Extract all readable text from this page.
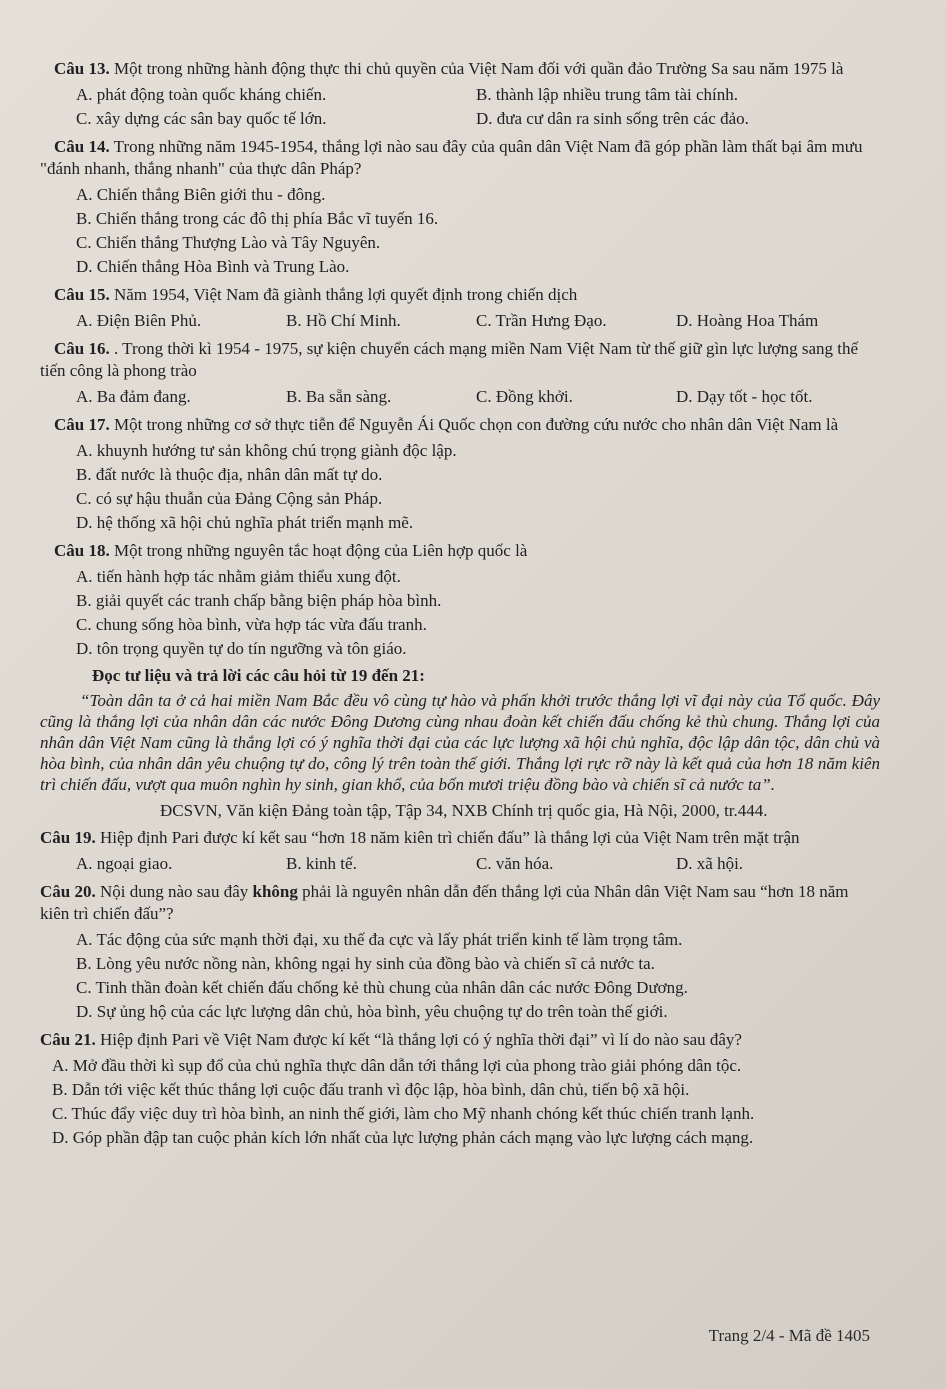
Câu 13. Một trong những hành động thực thi chủ quyền của Việt Nam đối với quần đảo Trường Sa sau năm 1975 là

A. phát động toàn quốc kháng chiến.	B. thành lập nhiều trung tâm tài chính.
C. xây dựng các sân bay quốc tế lớn.	D. đưa cư dân ra sinh sống trên các đảo.

Câu 14. Trong những năm 1945-1954, thắng lợi nào sau đây của quân dân Việt Nam đã góp phần làm thất bại âm mưu "đánh nhanh, thắng nhanh" của thực dân Pháp?

A. Chiến thắng Biên giới thu - đông.
B. Chiến thắng trong các đô thị phía Bắc vĩ tuyến 16.
C. Chiến thắng Thượng Lào và Tây Nguyên.
D. Chiến thắng Hòa Bình và Trung Lào.

Câu 15. Năm 1954, Việt Nam đã giành thắng lợi quyết định trong chiến dịch

A. Điện Biên Phủ.	B. Hồ Chí Minh.	C. Trần Hưng Đạo.	D. Hoàng Hoa Thám

Câu 16. . Trong thời kì 1954 - 1975, sự kiện chuyển cách mạng miền Nam Việt Nam từ thế giữ gìn lực lượng sang thế tiến công là phong trào

A. Ba đảm đang.	B. Ba sẵn sàng.	C. Đồng khởi.	D. Dạy tốt - học tốt.

Câu 17. Một trong những cơ sở thực tiễn để Nguyễn Ái Quốc chọn con đường cứu nước cho nhân dân Việt Nam là

A. khuynh hướng tư sản không chú trọng giành độc lập.
B. đất nước là thuộc địa, nhân dân mất tự do.
C. có sự hậu thuẫn của Đảng Cộng sản Pháp.
D. hệ thống xã hội chủ nghĩa phát triển mạnh mẽ.

Câu 18. Một trong những nguyên tắc hoạt động của Liên hợp quốc là

A. tiến hành hợp tác nhằm giảm thiểu xung đột.
B. giải quyết các tranh chấp bằng biện pháp hòa bình.
C. chung sống hòa bình, vừa hợp tác vừa đấu tranh.
D. tôn trọng quyền tự do tín ngưỡng và tôn giáo.
Đọc tư liệu và trả lời các câu hỏi từ 19 đến 21:

“Toàn dân ta ở cả hai miền Nam Bắc đều vô cùng tự hào và phấn khởi trước thắng lợi vĩ đại này của Tổ quốc. Đây cũng là thắng lợi của nhân dân các nước Đông Dương cùng nhau đoàn kết chiến đấu chống kẻ thù chung. Thắng lợi của nhân dân Việt Nam cũng là thắng lợi có ý nghĩa thời đại của các lực lượng xã hội chủ nghĩa, độc lập dân tộc, dân chủ và hòa bình, của nhân dân yêu chuộng tự do, công lý trên toàn thế giới. Thắng lợi rực rỡ này là kết quả của hơn 18 năm kiên trì chiến đấu, vượt qua muôn nghìn hy sinh, gian khổ, của bốn mươi triệu đồng bào và chiến sĩ cả nước ta”.

ĐCSVN, Văn kiện Đảng toàn tập, Tập 34, NXB Chính trị quốc gia, Hà Nội, 2000, tr.444.

Câu 19. Hiệp định Pari được kí kết sau “hơn 18 năm kiên trì chiến đấu” là thắng lợi của Việt Nam trên mặt trận

A. ngoại giao.	B. kinh tế.	C. văn hóa.	D. xã hội.

Câu 20. Nội dung nào sau đây không phải là nguyên nhân dẫn đến thắng lợi của Nhân dân Việt Nam sau “hơn 18 năm kiên trì chiến đấu”?

A. Tác động của sức mạnh thời đại, xu thế đa cực và lấy phát triển kinh tế làm trọng tâm.
B. Lòng yêu nước nồng nàn, không ngại hy sinh của đồng bào và chiến sĩ cả nước ta.
C. Tinh thần đoàn kết chiến đấu chống kẻ thù chung của nhân dân các nước Đông Dương.
D. Sự ủng hộ của các lực lượng dân chủ, hòa bình, yêu chuộng tự do trên toàn thế giới.

Câu 21. Hiệp định Pari về Việt Nam được kí kết “là thắng lợi có ý nghĩa thời đại” vì lí do nào sau đây?

A. Mở đầu thời kì sụp đổ của chủ nghĩa thực dân dẫn tới thắng lợi của phong trào giải phóng dân tộc.
B. Dẫn tới việc kết thúc thắng lợi cuộc đấu tranh vì độc lập, hòa bình, dân chủ, tiến bộ xã hội.
C. Thúc đẩy việc duy trì hòa bình, an ninh thế giới, làm cho Mỹ nhanh chóng kết thúc chiến tranh lạnh.
D. Góp phần đập tan cuộc phản kích lớn nhất của lực lượng phản cách mạng vào lực lượng cách mạng.
Trang 2/4 - Mã đề 1405
